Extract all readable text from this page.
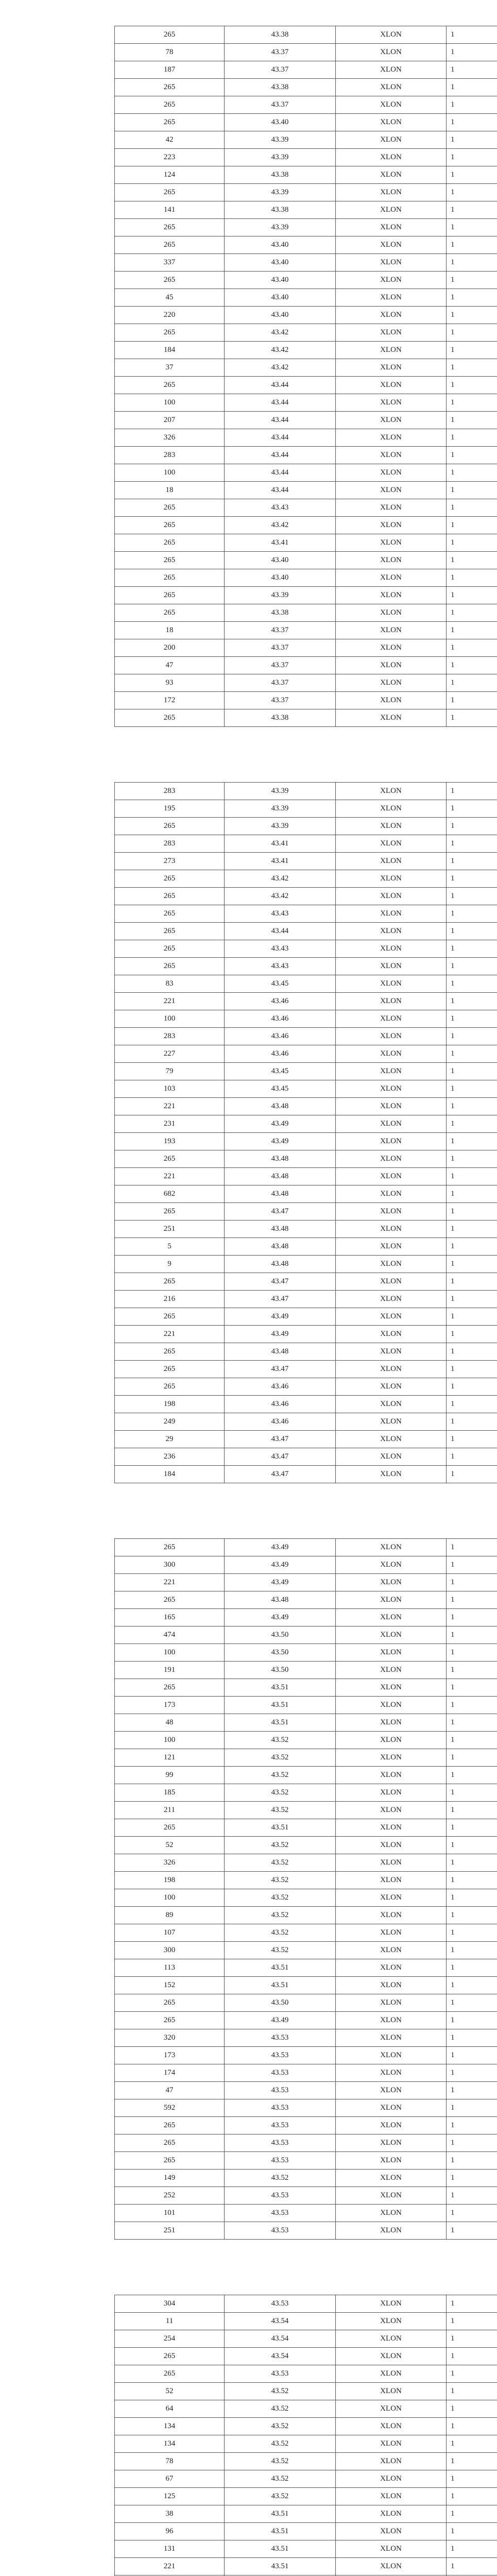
265	43.38	XLON	1
78	43.37	XLON	1
187	43.37	XLON	1
265	43.38	XLON	1
265	43.37	XLON	1
265	43.40	XLON	1
42	43.39	XLON	1
223	43.39	XLON	1
124	43.38	XLON	1
265	43.39	XLON	1
141	43.38	XLON	1
265	43.39	XLON	1
265	43.40	XLON	1
337	43.40	XLON	1
265	43.40	XLON	1
45	43.40	XLON	1
220	43.40	XLON	1
265	43.42	XLON	1
184	43.42	XLON	1
37	43.42	XLON	1
265	43.44	XLON	1
100	43.44	XLON	1
207	43.44	XLON	1
326	43.44	XLON	1
283	43.44	XLON	1
100	43.44	XLON	1
18	43.44	XLON	1
265	43.43	XLON	1
265	43.42	XLON	1
265	43.41	XLON	1
265	43.40	XLON	1
265	43.40	XLON	1
265	43.39	XLON	1
265	43.38	XLON	1
18	43.37	XLON	1
200	43.37	XLON	1
47	43.37	XLON	1
93	43.37	XLON	1
172	43.37	XLON	1
265	43.38	XLON	1
283	43.39	XLON	1
195	43.39	XLON	1
265	43.39	XLON	1
283	43.41	XLON	1
273	43.41	XLON	1
265	43.42	XLON	1
265	43.42	XLON	1
265	43.43	XLON	1
265	43.44	XLON	1
265	43.43	XLON	1
265	43.43	XLON	1
83	43.45	XLON	1
221	43.46	XLON	1
100	43.46	XLON	1
283	43.46	XLON	1
227	43.46	XLON	1
79	43.45	XLON	1
103	43.45	XLON	1
221	43.48	XLON	1
231	43.49	XLON	1
193	43.49	XLON	1
265	43.48	XLON	1
221	43.48	XLON	1
682	43.48	XLON	1
265	43.47	XLON	1
251	43.48	XLON	1
5	43.48	XLON	1
9	43.48	XLON	1
265	43.47	XLON	1
216	43.47	XLON	1
265	43.49	XLON	1
221	43.49	XLON	1
265	43.48	XLON	1
265	43.47	XLON	1
265	43.46	XLON	1
198	43.46	XLON	1
249	43.46	XLON	1
29	43.47	XLON	1
236	43.47	XLON	1
184	43.47	XLON	1
265	43.49	XLON	1
300	43.49	XLON	1
221	43.49	XLON	1
265	43.48	XLON	1
165	43.49	XLON	1
474	43.50	XLON	1
100	43.50	XLON	1
191	43.50	XLON	1
265	43.51	XLON	1
173	43.51	XLON	1
48	43.51	XLON	1
100	43.52	XLON	1
121	43.52	XLON	1
99	43.52	XLON	1
185	43.52	XLON	1
211	43.52	XLON	1
265	43.51	XLON	1
52	43.52	XLON	1
326	43.52	XLON	1
198	43.52	XLON	1
100	43.52	XLON	1
89	43.52	XLON	1
107	43.52	XLON	1
300	43.52	XLON	1
113	43.51	XLON	1
152	43.51	XLON	1
265	43.50	XLON	1
265	43.49	XLON	1
320	43.53	XLON	1
173	43.53	XLON	1
174	43.53	XLON	1
47	43.53	XLON	1
592	43.53	XLON	1
265	43.53	XLON	1
265	43.53	XLON	1
265	43.53	XLON	1
149	43.52	XLON	1
252	43.53	XLON	1
101	43.53	XLON	1
251	43.53	XLON	1
304	43.53	XLON	1
11	43.54	XLON	1
254	43.54	XLON	1
265	43.54	XLON	1
265	43.53	XLON	1
52	43.52	XLON	1
64	43.52	XLON	1
134	43.52	XLON	1
134	43.52	XLON	1
78	43.52	XLON	1
67	43.52	XLON	1
125	43.52	XLON	1
38	43.51	XLON	1
96	43.51	XLON	1
131	43.51	XLON	1
221	43.51	XLON	1
